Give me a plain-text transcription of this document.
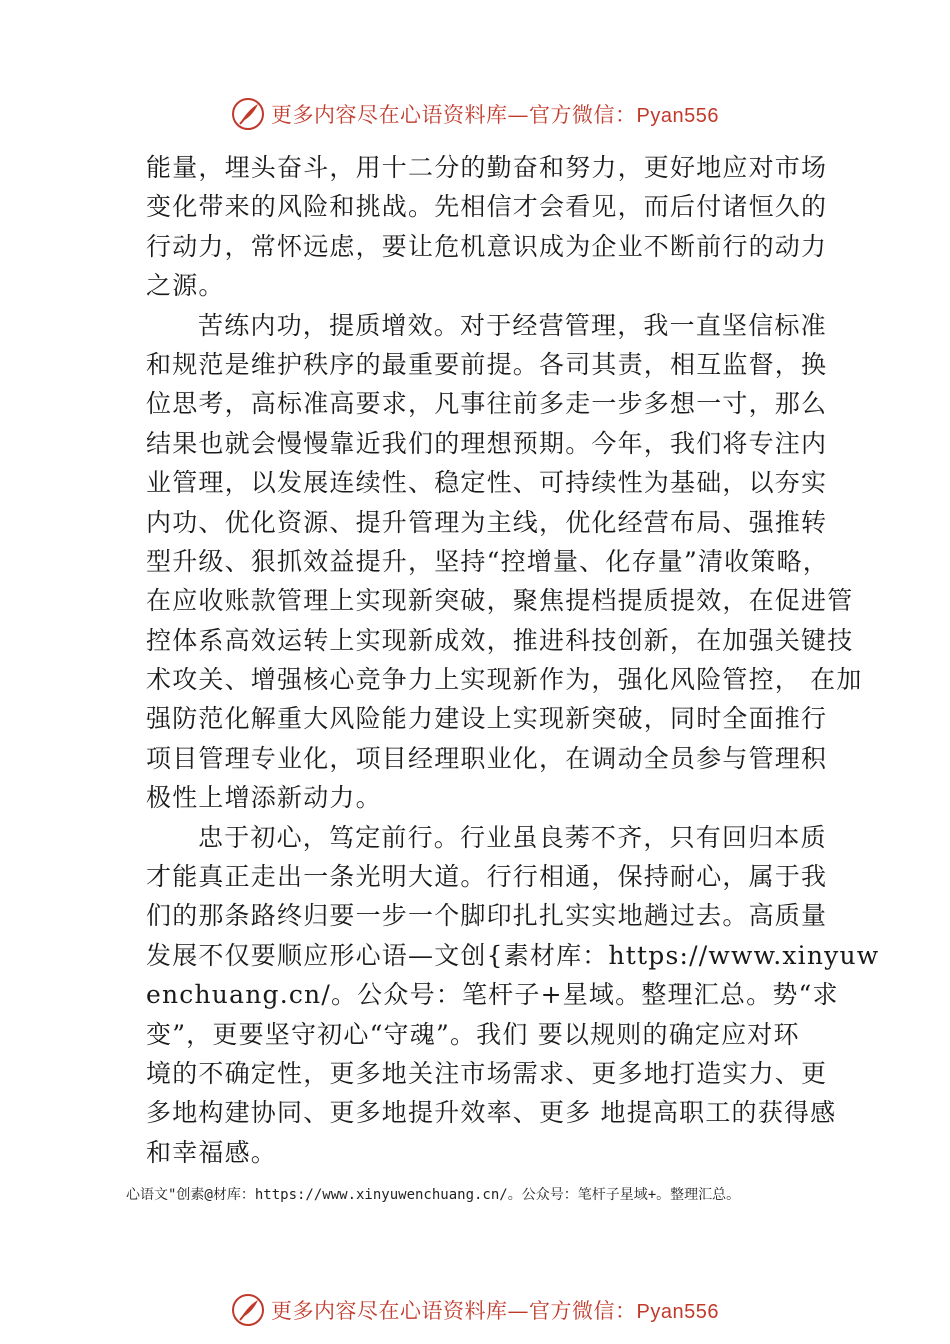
更多内容尽在心语资料库—官方微信：Pyan556
能量，埋头奋斗，用十二分的勤奋和努力，更好地应对市场
变化带来的风险和挑战。先相信才会看见，而后付诸恒久的
行动力，常怀远虑，要让危机意识成为企业不断前行的动力
之源。
苦练内功，提质增效。对于经营管理，我一直坚信标准
和规范是维护秩序的最重要前提。各司其责，相互监督，换
位思考，高标准高要求，凡事往前多走一步多想一寸，那么
结果也就会慢慢靠近我们的理想预期。今年，我们将专注内
业管理，以发展连续性、稳定性、可持续性为基础，以夯实
内功、优化资源、提升管理为主线，优化经营布局、强推转
型升级、狠抓效益提升，坚持“控增量、化存量”清收策略，
在应收账款管理上实现新突破，聚焦提档提质提效，在促进管
控体系高效运转上实现新成效，推进科技创新，在加强关键技
术攻关、增强核心竞争力上实现新作为，强化风险管控， 在加
强防范化解重大风险能力建设上实现新突破，同时全面推行
项目管理专业化，项目经理职业化，在调动全员参与管理积
极性上增添新动力。
忠于初心，笃定前行。行业虽良莠不齐，只有回归本质
才能真正走出一条光明大道。行行相通，保持耐心，属于我
们的那条路终归要一步一个脚印扎扎实实地趟过去。高质量
发展不仅要顺应形心语—文创{素材库：https://www.xinyuw
enchuang.cn/。公众号：笔杆子+星域。整理汇总。势“求
变”，更要坚守初心“守魂”。我们 要以规则的确定应对环
境的不确定性，更多地关注市场需求、更多地打造实力、更
多地构建协同、更多地提升效率、更多 地提高职工的获得感
和幸福感。
心语文"创素@材库：https://www.xinyuwenchuang.cn/。公众号：笔杆子星域+。整理汇总。
更多内容尽在心语资料库—官方微信：Pyan556
